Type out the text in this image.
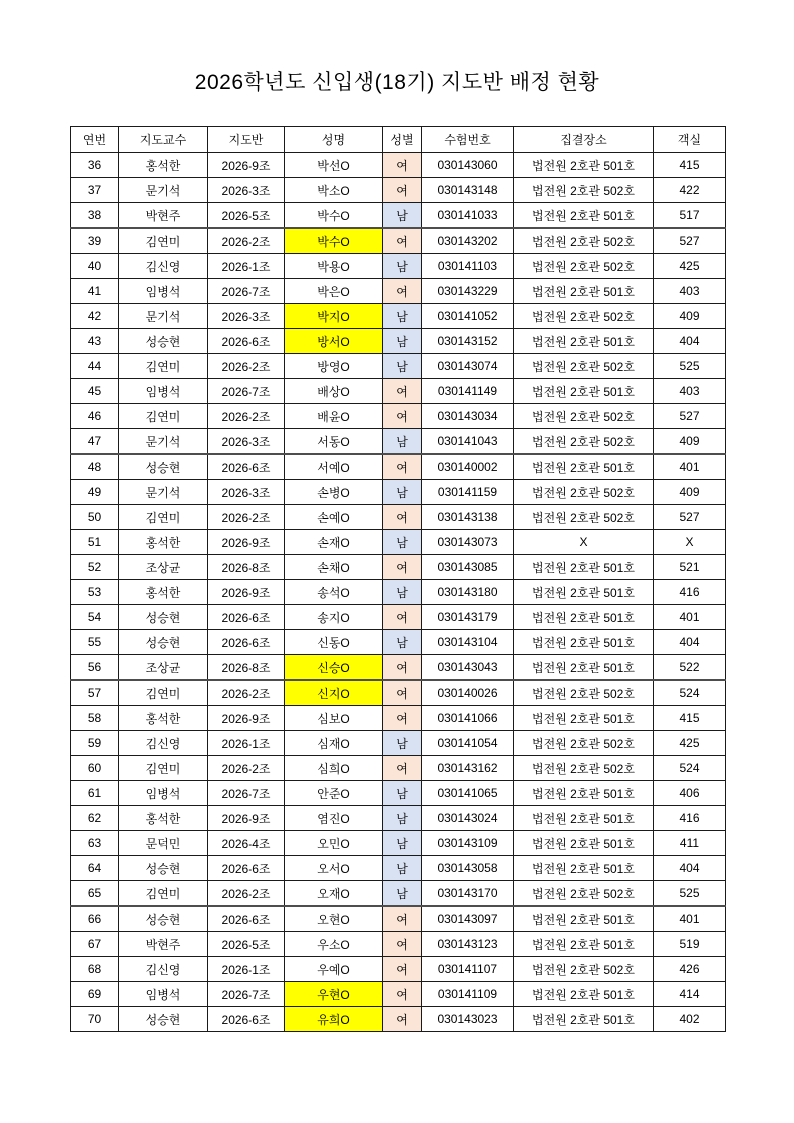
2026학년도 신입생(18기) 지도반 배정 현황
연번	지도교수	지도반	성명	성별	수험번호	집결장소	객실
36	홍석한	2026-9조	박선O	여	030143060	법전원 2호관 501호	415
37	문기석	2026-3조	박소O	여	030143148	법전원 2호관 502호	422
38	박현주	2026-5조	박수O	남	030141033	법전원 2호관 501호	517
39	김연미	2026-2조	박수O	여	030143202	법전원 2호관 502호	527
40	김신영	2026-1조	박용O	남	030141103	법전원 2호관 502호	425
41	임병석	2026-7조	박은O	여	030143229	법전원 2호관 501호	403
42	문기석	2026-3조	박지O	남	030141052	법전원 2호관 502호	409
43	성승현	2026-6조	방서O	남	030143152	법전원 2호관 501호	404
44	김연미	2026-2조	방영O	남	030143074	법전원 2호관 502호	525
45	임병석	2026-7조	배상O	여	030141149	법전원 2호관 501호	403
46	김연미	2026-2조	배윤O	여	030143034	법전원 2호관 502호	527
47	문기석	2026-3조	서동O	남	030141043	법전원 2호관 502호	409
48	성승현	2026-6조	서예O	여	030140002	법전원 2호관 501호	401
49	문기석	2026-3조	손병O	남	030141159	법전원 2호관 502호	409
50	김연미	2026-2조	손예O	여	030143138	법전원 2호관 502호	527
51	홍석한	2026-9조	손재O	남	030143073	X	X
52	조상균	2026-8조	손채O	여	030143085	법전원 2호관 501호	521
53	홍석한	2026-9조	송석O	남	030143180	법전원 2호관 501호	416
54	성승현	2026-6조	송지O	여	030143179	법전원 2호관 501호	401
55	성승현	2026-6조	신동O	남	030143104	법전원 2호관 501호	404
56	조상균	2026-8조	신승O	여	030143043	법전원 2호관 501호	522
57	김연미	2026-2조	신지O	여	030140026	법전원 2호관 502호	524
58	홍석한	2026-9조	심보O	여	030141066	법전원 2호관 501호	415
59	김신영	2026-1조	심재O	남	030141054	법전원 2호관 502호	425
60	김연미	2026-2조	심희O	여	030143162	법전원 2호관 502호	524
61	임병석	2026-7조	안준O	남	030141065	법전원 2호관 501호	406
62	홍석한	2026-9조	염진O	남	030143024	법전원 2호관 501호	416
63	문덕민	2026-4조	오민O	남	030143109	법전원 2호관 501호	411
64	성승현	2026-6조	오서O	남	030143058	법전원 2호관 501호	404
65	김연미	2026-2조	오재O	남	030143170	법전원 2호관 502호	525
66	성승현	2026-6조	오현O	여	030143097	법전원 2호관 501호	401
67	박현주	2026-5조	우소O	여	030143123	법전원 2호관 501호	519
68	김신영	2026-1조	우예O	여	030141107	법전원 2호관 502호	426
69	임병석	2026-7조	우현O	여	030141109	법전원 2호관 501호	414
70	성승현	2026-6조	유희O	여	030143023	법전원 2호관 501호	402
